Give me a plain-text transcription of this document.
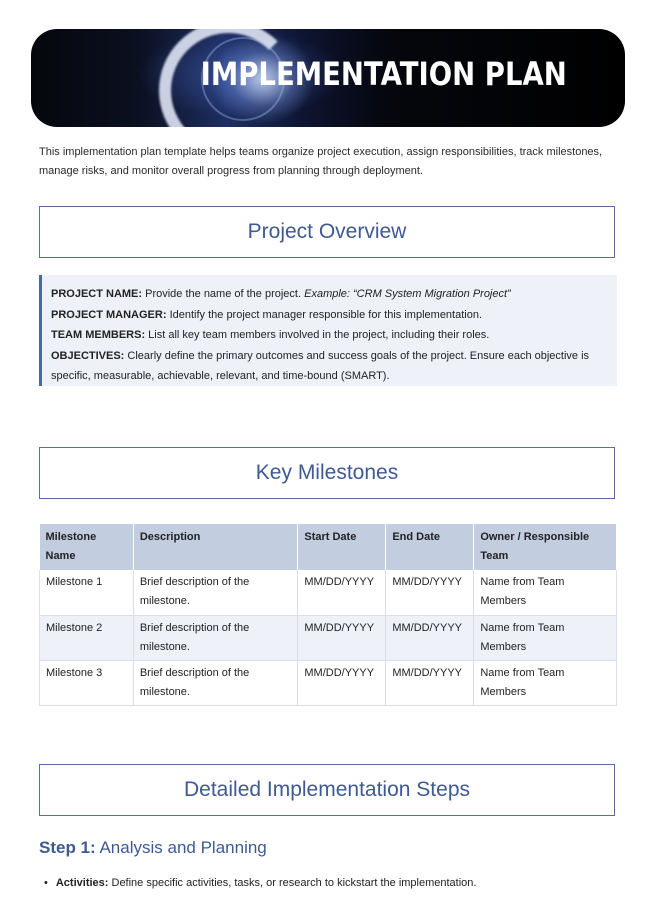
IMPLEMENTATION PLAN

This implementation plan template helps teams organize project execution, assign responsibilities, track milestones, manage risks, and monitor overall progress from planning through deployment.

Project Overview

PROJECT NAME: Provide the name of the project. Example: “CRM System Migration Project”

PROJECT MANAGER: Identify the project manager responsible for this implementation.

TEAM MEMBERS: List all key team members involved in the project, including their roles.

OBJECTIVES: Clearly define the primary outcomes and success goals of the project. Ensure each objective is specific, measurable, achievable, relevant, and time-bound (SMART).

Key Milestones
Milestone Name	Description	Start Date	End Date	Owner / Responsible Team
Milestone 1	Brief description of the milestone.	MM/DD/YYYY	MM/DD/YYYY	Name from Team Members
Milestone 2	Brief description of the milestone.	MM/DD/YYYY	MM/DD/YYYY	Name from Team Members
Milestone 3	Brief description of the milestone.	MM/DD/YYYY	MM/DD/YYYY	Name from Team Members
Detailed Implementation Steps
Step 1: Analysis and Planning
• Activities: Define specific activities, tasks, or research to kickstart the implementation.
